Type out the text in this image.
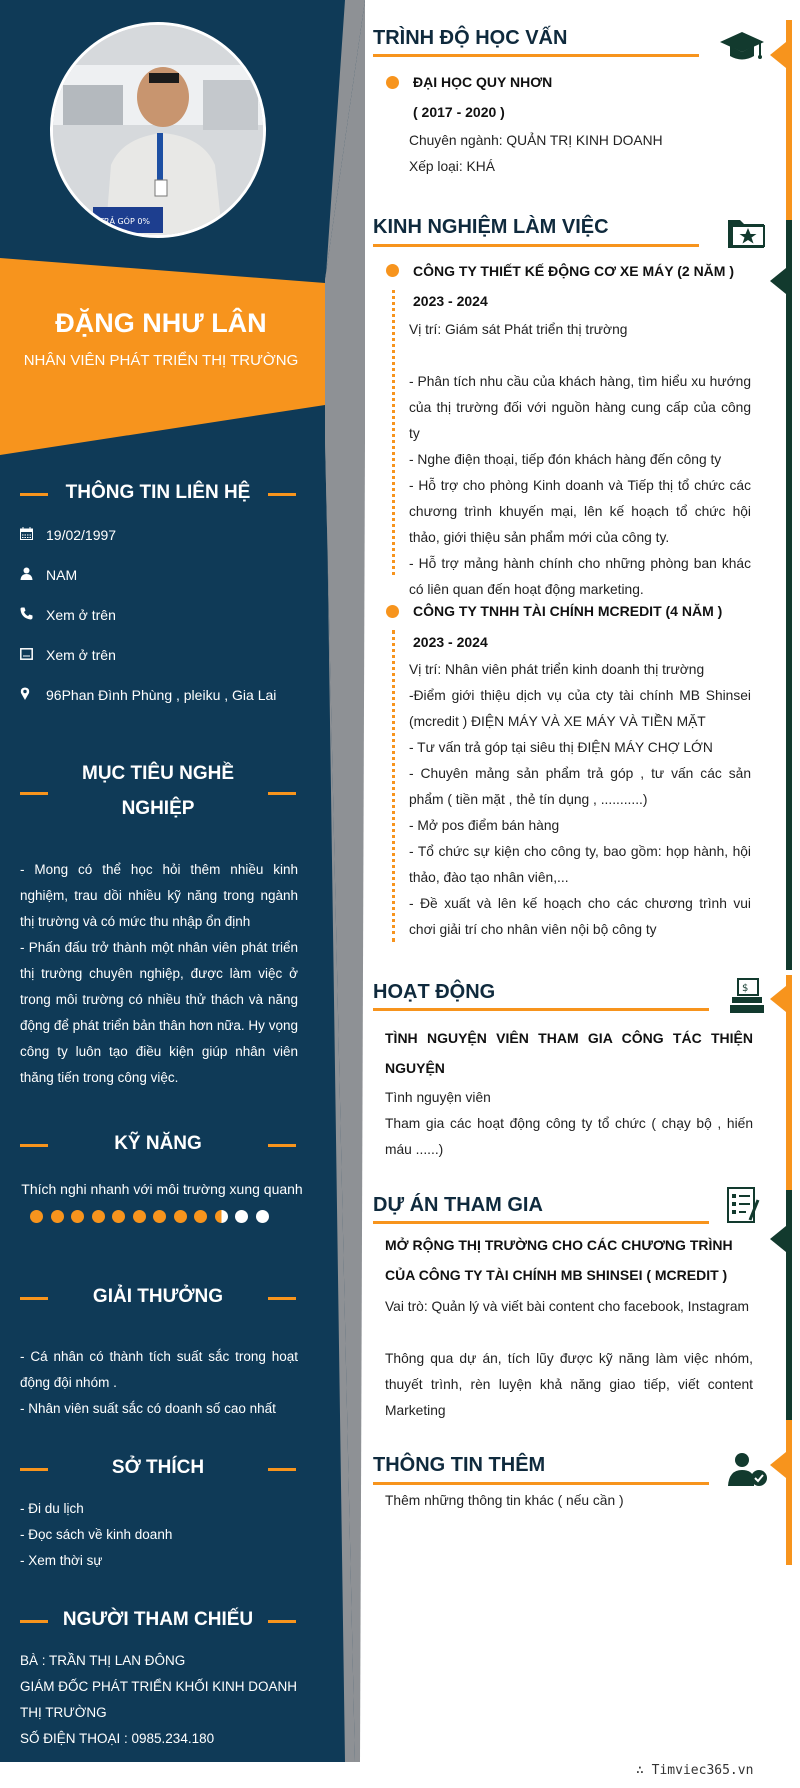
TRẢ GÓP 0%
ĐẶNG NHƯ LÂN
NHÂN VIÊN PHÁT TRIỂN THỊ TRƯỜNG
THÔNG TIN LIÊN HỆ
19/02/1997
NAM
Xem ở trên
Xem ở trên
96Phan Đình Phùng , pleiku , Gia Lai
MỤC TIÊU NGHỀ
NGHIỆP
- Mong có thể học hỏi thêm nhiều kinh nghiệm, trau dồi nhiều kỹ năng trong ngành thị trường và có mức thu nhập ổn định
- Phấn đấu trở thành một nhân viên phát triển thị trường chuyên nghiệp, được làm việc ở trong môi trường có nhiều thử thách và năng động để phát triển bản thân hơn nữa. Hy vọng công ty luôn tạo điều kiện giúp nhân viên thăng tiến trong công việc.
KỸ NĂNG
Thích nghi nhanh với môi trường xung quanh
GIẢI THƯỞNG
- Cá nhân có thành tích suất sắc trong hoạt động đội nhóm .
- Nhân viên suất sắc có doanh số cao nhất
SỞ THÍCH
- Đi du lịch
- Đọc sách về kinh doanh
- Xem thời sự
NGƯỜI THAM CHIẾU
BÀ : TRẦN THỊ LAN ĐÔNG
GIÁM ĐỐC PHÁT TRIỂN KHỐI KINH DOANH THỊ TRƯỜNG
SỐ ĐIỆN THOẠI : 0985.234.180
TRÌNH ĐỘ HỌC VẤN
ĐẠI HỌC QUY NHƠN
( 2017 - 2020 )
Chuyên ngành: QUẢN TRỊ KINH DOANH
Xếp loại: KHÁ
KINH NGHIỆM LÀM VIỆC
CÔNG TY THIẾT KẾ ĐỘNG CƠ XE MÁY (2 NĂM )
2023 - 2024
Vị trí: Giám sát Phát triển thị trường

- Phân tích nhu cầu của khách hàng, tìm hiểu xu hướng của thị trường đối với nguồn hàng cung cấp của công ty
- Nghe điện thoại, tiếp đón khách hàng đến công ty
- Hỗ trợ cho phòng Kinh doanh và Tiếp thị tổ chức các chương trình khuyến mại, lên kế hoạch tổ chức hội thảo, giới thiệu sản phẩm mới của công ty.
- Hỗ trợ mảng hành chính cho những phòng ban khác có liên quan đến hoạt động marketing.
CÔNG TY TNHH TÀI CHÍNH MCREDIT (4 NĂM )
2023 - 2024
Vị trí: Nhân viên phát triển kinh doanh thị trường
-Điểm giới thiệu dịch vụ của cty tài chính MB Shinsei (mcredit ) ĐIỆN MÁY VÀ XE MÁY VÀ TIỀN MẶT
- Tư vấn trả góp tại siêu thị ĐIỆN MÁY CHỢ LỚN
- Chuyên mảng sản phẩm trả góp , tư vấn các sản phẩm ( tiền mặt , thẻ tín dụng , ...........)
- Mở pos điểm bán hàng
- Tổ chức sự kiện cho công ty, bao gồm: họp hành, hội thảo, đào tạo nhân viên,...
- Đề xuất và lên kế hoạch cho các chương trình vui chơi giải trí cho nhân viên nội bộ công ty
HOẠT ĐỘNG	$
TÌNH NGUYỆN VIÊN THAM GIA CÔNG TÁC THIỆN NGUYỆN
Tình nguyện viên
Tham gia các hoạt động công ty tổ chức ( chạy bộ , hiến máu ......)
DỰ ÁN THAM GIA
MỞ RỘNG THỊ TRƯỜNG CHO CÁC CHƯƠNG TRÌNH CỦA CÔNG TY TÀI CHÍNH MB SHINSEI ( MCREDIT )
Vai trò: Quản lý và viết bài content cho facebook, Instagram
Thông qua dự án, tích lũy được kỹ năng làm việc nhóm, thuyết trình, rèn luyện khả năng giao tiếp, viết content Marketing
THÔNG TIN THÊM
Thêm những thông tin khác ( nếu cần )
∴ Timviec365.vn
